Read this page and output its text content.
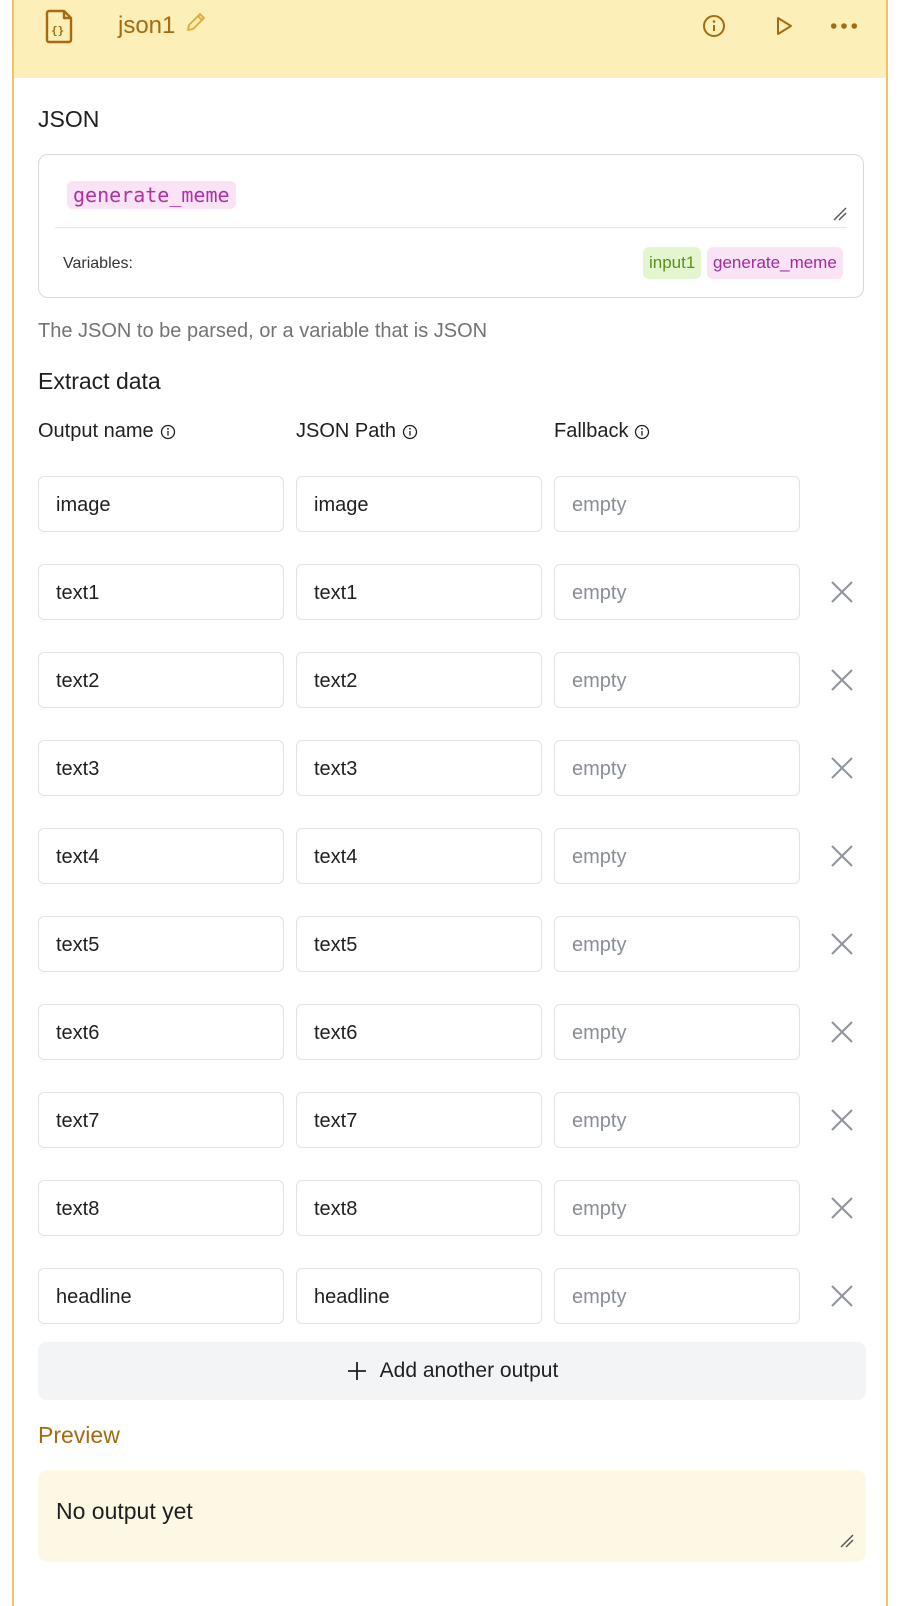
{} json1
JSON
generate_meme
Variables:	input1	generate_meme
The JSON to be parsed, or a variable that is JSON
Extract data
Output name	JSON Path	Fallback
image	image	empty
text1	text1	empty
text2	text2	empty
text3	text3	empty
text4	text4	empty
text5	text5	empty
text6	text6	empty
text7	text7	empty
text8	text8	empty
headline	headline	empty
Add another output
Preview
No output yet
